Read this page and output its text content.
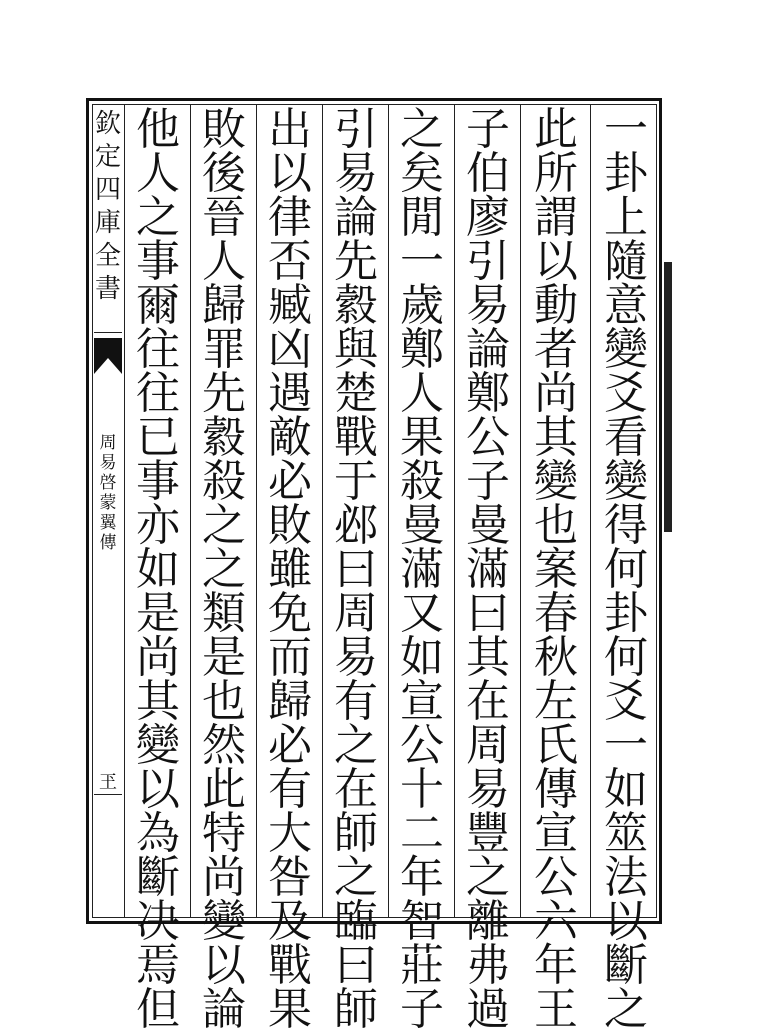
欽
定
四
庫
全
書
周
易
啓
蒙
翼
傳
玊
一
卦
上
隨
意
變
爻
看
變
得
何
卦
何
爻
一
如
筮
法
以
斷
之
此
所
謂
以
動
者
尚
其
變
也
案
春
秋
左
氏
傳
宣
公
六
年
王
子
伯
廖
引
易
論
鄭
公
子
曼
滿
曰
其
在
周
易
豐
之
離
弗
過
之
矣
閒
一
歲
鄭
人
果
殺
曼
滿
又
如
宣
公
十
二
年
智
莊
子
引
易
論
先
縠
與
楚
戰
于
邲
曰
周
易
有
之
在
師
之
臨
曰
師
出
以
律
否
臧
凶
遇
敵
必
敗
雖
免
而
歸
必
有
大
咎
及
戰
果
敗
後
晉
人
歸
罪
先
縠
殺
之
之
類
是
也
然
此
特
尚
變
以
論
他
人
之
事
爾
往
往
已
事
亦
如
是
尚
其
變
以
為
斷
决
焉
但
